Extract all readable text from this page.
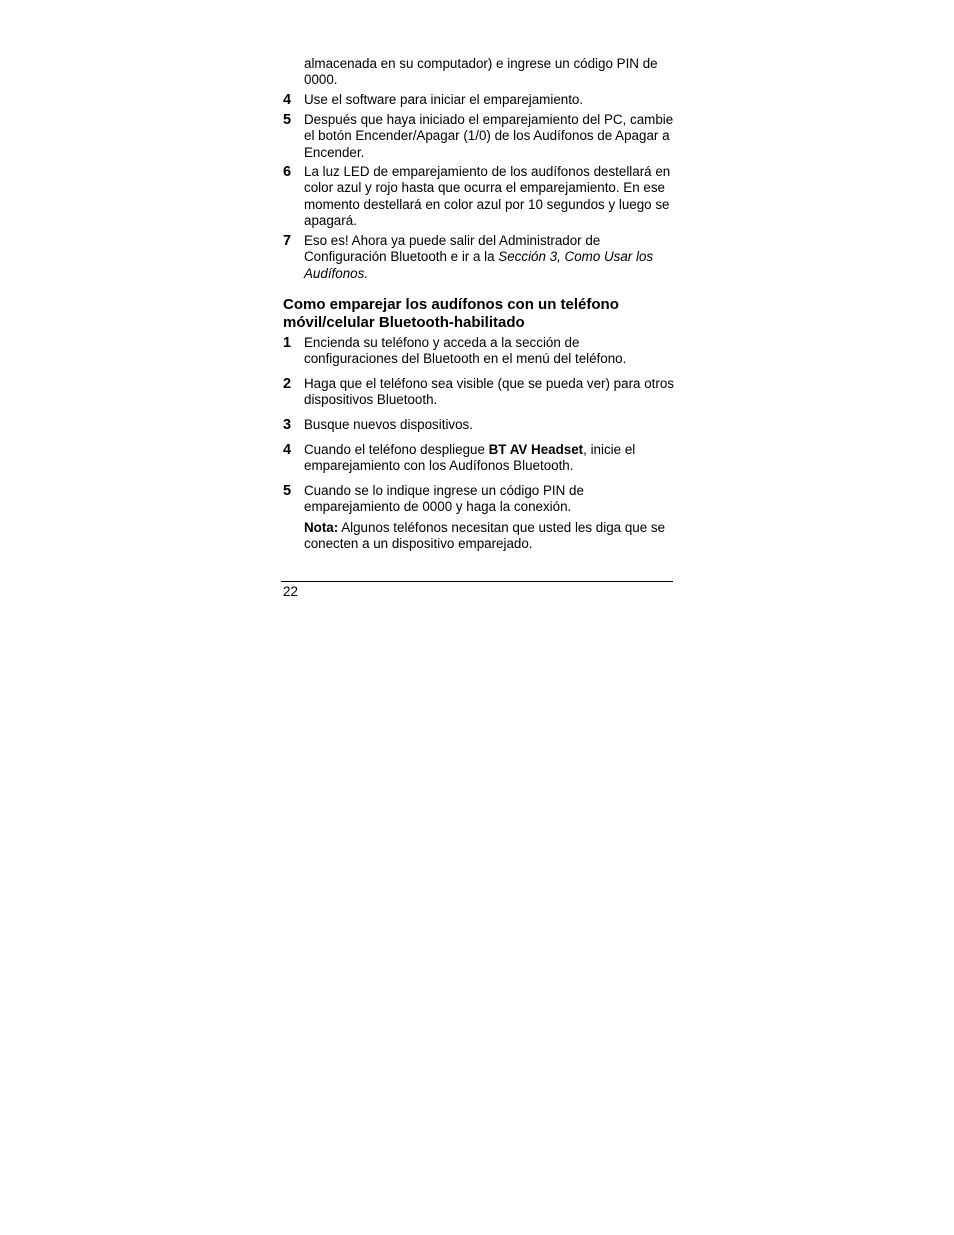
almacenada en su computador) e ingrese un código PIN de 0000.

4 Use el software para iniciar el emparejamiento.
5 Después que haya iniciado el emparejamiento del PC, cambie el botón Encender/Apagar (1/0) de los Audífonos de Apagar a Encender.
6 La luz LED de emparejamiento de los audífonos destellará en color azul y rojo hasta que ocurra el emparejamiento. En ese momento destellará en color azul por 10 segundos y luego se apagará.
7 Eso es! Ahora ya puede salir del Administrador de Configuración Bluetooth e ir a la Sección 3, Como Usar los Audífonos.
Como emparejar los audífonos con un teléfono móvil/celular Bluetooth-habilitado
1 Encienda su teléfono y acceda a la sección de configuraciones del Bluetooth en el menú del teléfono.
2 Haga que el teléfono sea visible (que se pueda ver) para otros dispositivos Bluetooth.
3 Busque nuevos dispositivos.
4 Cuando el teléfono despliegue BT AV Headset, inicie el emparejamiento con los Audífonos Bluetooth.
5 Cuando se lo indique ingrese un código PIN de emparejamiento de 0000 y haga la conexión.

Nota: Algunos teléfonos necesitan que usted les diga que se conecten a un dispositivo emparejado.

22
